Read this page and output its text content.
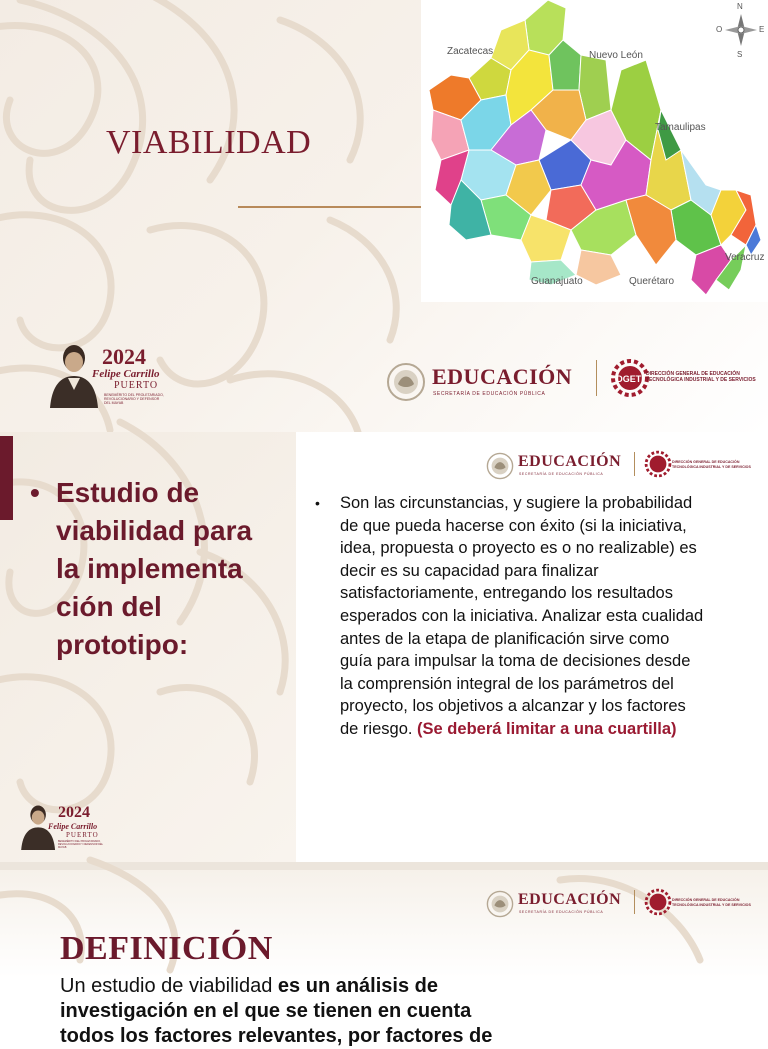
VIABILIDAD
Zacatecas	Nuevo León
Tamaulipas
Veracruz
Guanajuato	Querétaro
N
S
O	E
2024
Felipe Carrillo
PUERTO
BENEMÉRITO DEL PROLETARIADO, REVOLUCIONARIO Y DEFENSOR DEL MAYAB
EDUCACIÓN
SECRETARÍA DE EDUCACIÓN PÚBLICA
DGETI DIRECCIÓN GENERAL DE EDUCACIÓN
TECNOLÓGICA INDUSTRIAL Y DE SERVICIOS
• Estudio de viabilidad para la implementa ción del prototipo:
2024
Felipe Carrillo
PUERTO
BENEMÉRITO DEL PROLETARIADO, REVOLUCIONARIO Y DEFENSOR DEL MAYAB
EDUCACIÓN
SECRETARÍA DE EDUCACIÓN PÚBLICA
DIRECCIÓN GENERAL DE EDUCACIÓN
TECNOLÓGICA INDUSTRIAL Y DE SERVICIOS
•	Son las circunstancias, y sugiere la probabilidad de que pueda hacerse con éxito (si la iniciativa, idea, propuesta o proyecto es o no realizable) es decir es su capacidad para finalizar satisfactoriamente, entregando los resultados esperados con la iniciativa. Analizar esta cualidad antes de la etapa de planificación sirve como guía para impulsar la toma de decisiones desde la comprensión integral de los parámetros del proyecto, los objetivos a alcanzar y los factores de riesgo. (Se deberá limitar a una cuartilla)
EDUCACIÓN
SECRETARÍA DE EDUCACIÓN PÚBLICA
DIRECCIÓN GENERAL DE EDUCACIÓN
TECNOLÓGICA INDUSTRIAL Y DE SERVICIOS
DEFINICIÓN
Un estudio de viabilidad es un análisis de investigación en el que se tienen en cuenta todos los factores relevantes, por factores de
